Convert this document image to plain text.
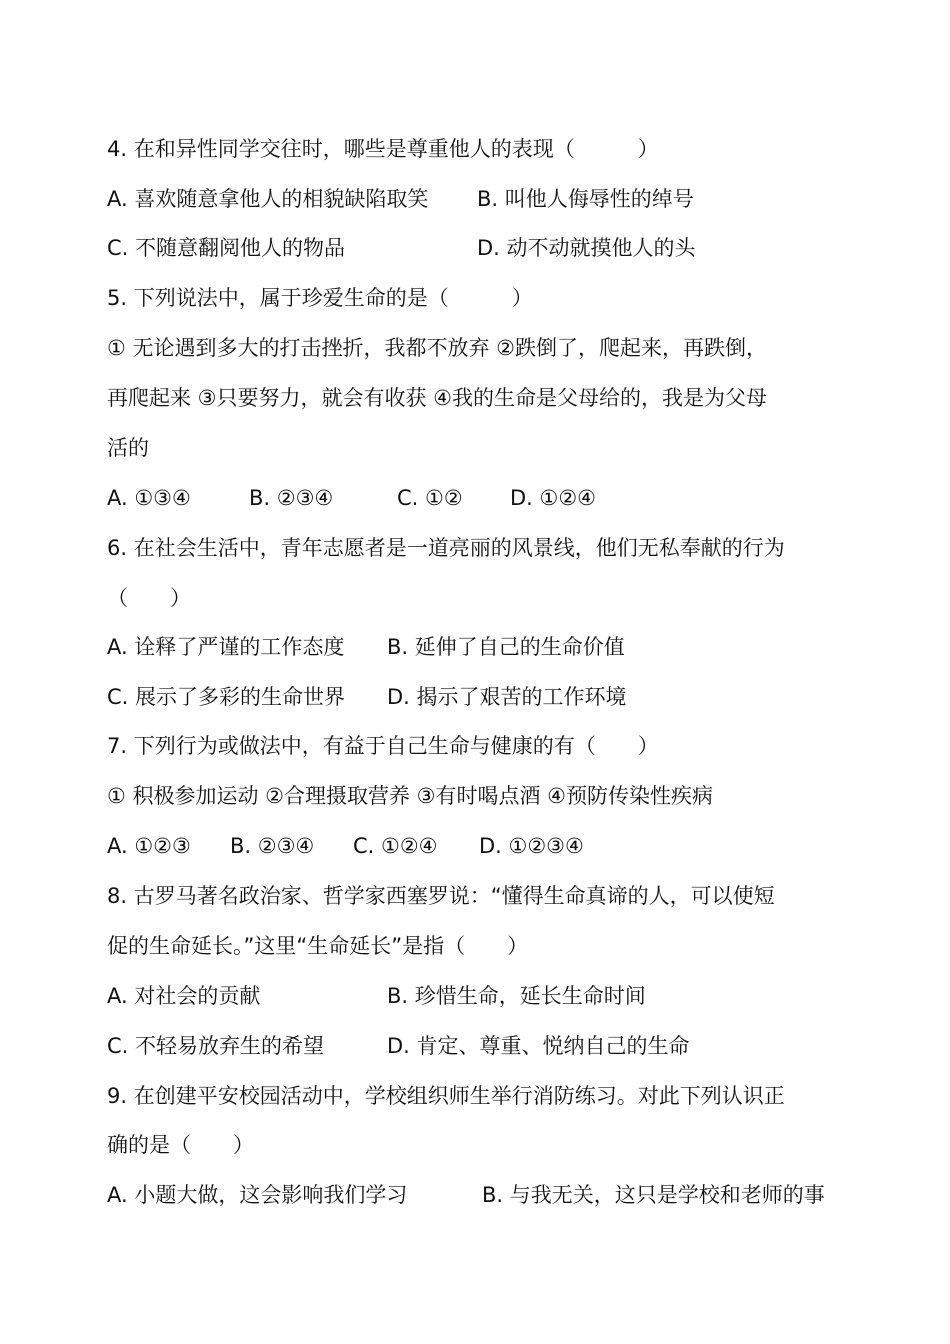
4. 在和异性同学交往时，哪些是尊重他人的表现（　　　）
A. 喜欢随意拿他人的相貌缺陷取笑 B. 叫他人侮辱性的绰号
C. 不随意翻阅他人的物品	D. 动不动就摸他人的头
5. 下列说法中，属于珍爱生命的是（　　　）
① 无论遇到多大的打击挫折，我都不放弃 ②跌倒了，爬起来，再跌倒，
再爬起来 ③只要努力，就会有收获 ④我的生命是父母给的，我是为父母
活的
A. ①③④	B. ②③④	C. ①② D. ①②④
6. 在社会生活中，青年志愿者是一道亮丽的风景线，他们无私奉献的行为
（　　）
A. 诠释了严谨的工作态度 B. 延伸了自己的生命价值
C. 展示了多彩的生命世界 D. 揭示了艰苦的工作环境
7. 下列行为或做法中，有益于自己生命与健康的有（　　）
① 积极参加运动 ②合理摄取营养 ③有时喝点酒 ④预防传染性疾病
A. ①②③ B. ②③④ C. ①②④ D. ①②③④
8. 古罗马著名政治家、哲学家西塞罗说：“懂得生命真谛的人，可以使短
促的生命延长。”这里“生命延长”是指（　　）
A. 对社会的贡献	B. 珍惜生命，延长生命时间
C. 不轻易放弃生的希望	D. 肯定、尊重、悦纳自己的生命
9. 在创建平安校园活动中，学校组织师生举行消防练习。对此下列认识正
确的是（　　）
A. 小题大做，这会影响我们学习	B. 与我无关，这只是学校和老师的事
